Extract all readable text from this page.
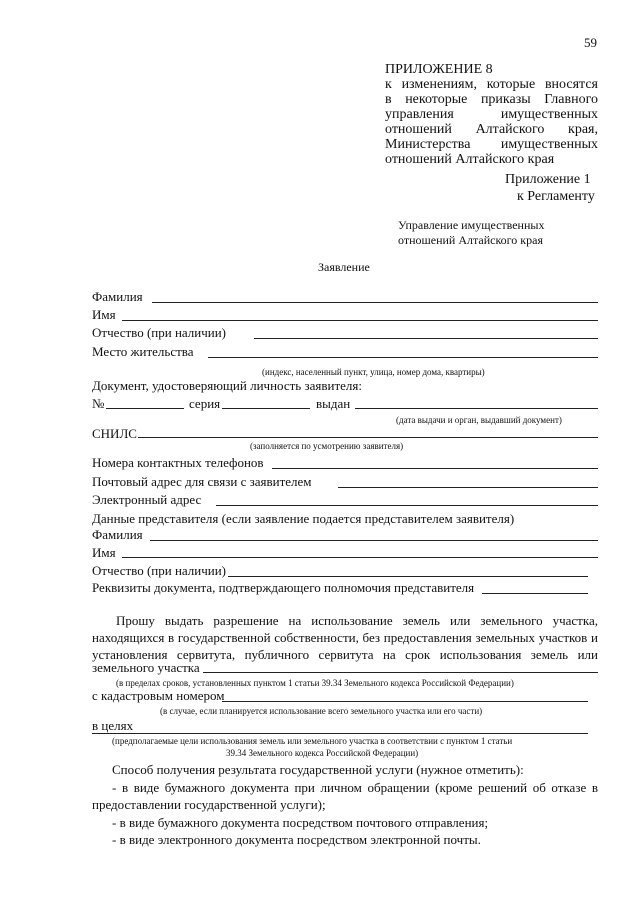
59
ПРИЛОЖЕНИЕ 8
к изменениям, которые вносятся
в некоторые приказы Главного
управления имущественных
отношений Алтайского края,
Министерства имущественных
отношений Алтайского края
Приложение 1
к Регламенту
Управление имущественных
отношений Алтайского края
Заявление
Фамилия
Имя
Отчество (при наличии)
Место жительства
(индекс, населенный пункт, улица, номер дома, квартиры)
Документ, удостоверяющий личность заявителя:
№	серия	выдан
(дата выдачи и орган, выдавший документ)
СНИЛС
(заполняется по усмотрению заявителя)
Номера контактных телефонов
Почтовый адрес для связи с заявителем
Электронный адрес
Данные представителя (если заявление подается представителем заявителя)
Фамилия
Имя
Отчество (при наличии)
Реквизиты документа, подтверждающего полномочия представителя
Прошу выдать разрешение на использование земель или земельного участка,
находящихся в государственной собственности, без предоставления земельных участков и
установления сервитута, публичного сервитута на срок использования земель или
земельного участка
(в пределах сроков, установленных пунктом 1 статьи 39.34 Земельного кодекса Российской Федерации)
с кадастровым номером
(в случае, если планируется использование всего земельного участка или его части)
в целях
(предполагаемые цели использования земель или земельного участка в соответствии с пунктом 1 статьи
39.34 Земельного кодекса Российской Федерации)
Способ получения результата государственной услуги (нужное отметить):
- в виде бумажного документа при личном обращении (кроме решений об отказе в
предоставлении государственной услуги);
- в виде бумажного документа посредством почтового отправления;
- в виде электронного документа посредством электронной почты.
